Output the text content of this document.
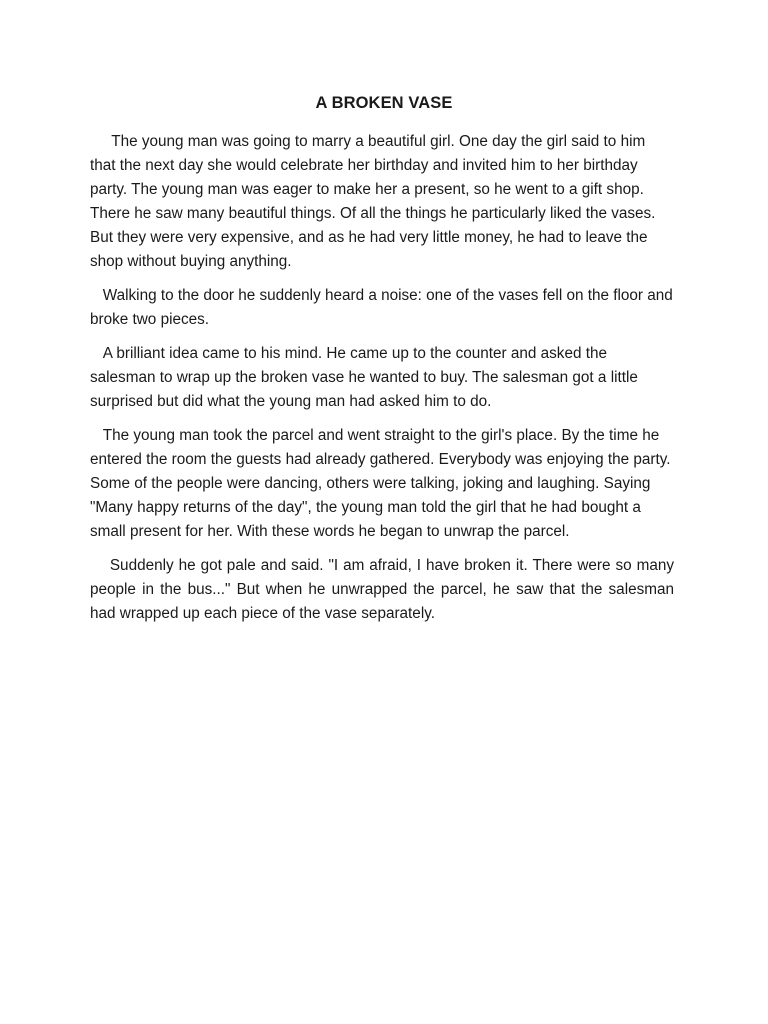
A BROKEN VASE

The young man was going to marry a beautiful girl. One day the girl said to him that the next day she would celebrate her birthday and invited him to her birthday party. The young man was eager to make her a present, so he went to a gift shop. There he saw many beautiful things. Of all the things he particularly liked the vases. But they were very expensive, and as he had very little money, he had to leave the shop without buying anything.

Walking to the door he suddenly heard a noise: one of the vases fell on the floor and broke two pieces.

A brilliant idea came to his mind. He came up to the counter and asked the salesman to wrap up the broken vase he wanted to buy. The salesman got a little surprised but did what the young man had asked him to do.

The young man took the parcel and went straight to the girl's place. By the time he entered the room the guests had already gathered. Everybody was enjoying the party. Some of the people were dancing, others were talking, joking and laughing. Saying "Many happy returns of the day", the young man told the girl that he had bought a small present for her. With these words he began to unwrap the parcel.

Suddenly he got pale and said. "I am afraid, I have broken it. There were so many people in the bus..." But when he unwrapped the parcel, he saw that the salesman had wrapped up each piece of the vase separately.
